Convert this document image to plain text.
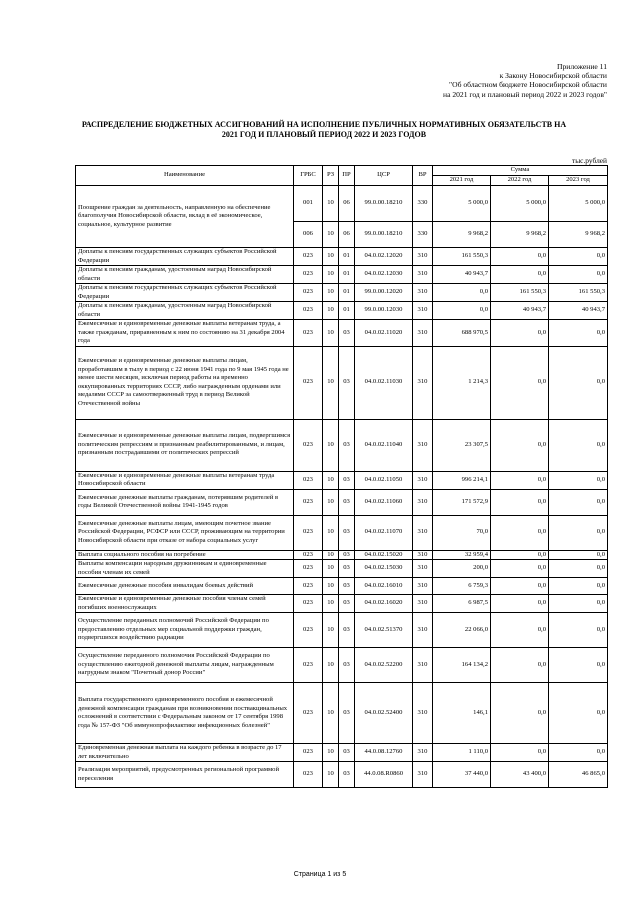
Приложение 11
к Закону Новосибирской области
"Об областном бюджете Новосибирской области
на 2021 год и плановый период 2022 и 2023 годов"
РАСПРЕДЕЛЕНИЕ БЮДЖЕТНЫХ АССИГНОВАНИЙ НА ИСПОЛНЕНИЕ ПУБЛИЧНЫХ НОРМАТИВНЫХ ОБЯЗАТЕЛЬСТВ НА
2021 ГОД И ПЛАНОВЫЙ ПЕРИОД 2022 И 2023 ГОДОВ
тыс.рублей
Наименование	ГРБС	РЗ	ПР	ЦСР	ВР	Сумма		
						2021 год	2022 год	2023 год
Поощрение граждан за деятельность, направленную на обеспечение благополучия Новосибирской области, вклад в её экономическое, социальное, культурное развитие	001	10	06	99.0.00.18210	330	5 000,0	5 000,0	5 000,0
	006	10	06	99.0.00.18210	330	9 968,2	9 968,2	9 968,2
Доплаты к пенсиям государственных служащих субъектов Российской Федерации	023	10	01	04.0.02.12020	310	161 550,3	0,0	0,0
Доплаты к пенсиям гражданам, удостоенным наград Новосибирской области	023	10	01	04.0.02.12030	310	40 943,7	0,0	0,0
Доплаты к пенсиям государственных служащих субъектов Российской Федерации	023	10	01	99.0.00.12020	310	0,0	161 550,3	161 550,3
Доплаты к пенсиям гражданам, удостоенным наград Новосибирской области	023	10	01	99.0.00.12030	310	0,0	40 943,7	40 943,7
Ежемесячные и единовременные денежные выплаты ветеранам труда, а также гражданам, приравненным к ним по состоянию на 31 декабря 2004 года	023	10	03	04.0.02.11020	310	688 970,5	0,0	0,0
Ежемесячные и единовременные денежные выплаты лицам, проработавшим в тылу в период с 22 июня 1941 года по 9 мая 1945 года не менее шести месяцев, исключая период работы на временно оккупированных территориях СССР, либо награжденным орденами или медалями СССР за самоотверженный труд в период Великой Отечественной войны	023	10	03	04.0.02.11030	310	1 214,3	0,0	0,0
Ежемесячные и единовременные денежные выплаты лицам, подвергшимся политическим репрессиям и признанным реабилитированными, и лицам, признанным пострадавшими от политических репрессий	023	10	03	04.0.02.11040	310	23 307,5	0,0	0,0
Ежемесячные и единовременные денежные выплаты ветеранам труда Новосибирской области	023	10	03	04.0.02.11050	310	996 214,1	0,0	0,0
Ежемесячные денежные выплаты гражданам, потерявшим родителей в годы Великой Отечественной войны 1941-1945 годов	023	10	03	04.0.02.11060	310	171 572,9	0,0	0,0
Ежемесячные денежные выплаты лицам, имеющим почетное звание Российской Федерации, РСФСР или СССР, проживающим на территории Новосибирской области при отказе от набора социальных услуг	023	10	03	04.0.02.11070	310	70,0	0,0	0,0
Выплата социального пособия на погребение	023	10	03	04.0.02.15020	310	32 959,4	0,0	0,0
Выплаты компенсации народным дружинникам и единовременные пособия членам их семей	023	10	03	04.0.02.15030	310	200,0	0,0	0,0
Ежемесячные денежные пособия инвалидам боевых действий	023	10	03	04.0.02.16010	310	6 759,3	0,0	0,0
Ежемесячные и единовременные денежные пособия членам семей погибших военнослужащих	023	10	03	04.0.02.16020	310	6 987,5	0,0	0,0
Осуществление переданных полномочий Российской Федерации по предоставлению отдельных мер социальной поддержки граждан, подвергшихся воздействию радиации	023	10	03	04.0.02.51370	310	22 066,0	0,0	0,0
Осуществление переданного полномочия Российской Федерации по осуществлению ежегодной денежной выплаты лицам, награжденным нагрудным знаком "Почетный донор России"	023	10	03	04.0.02.52200	310	164 134,2	0,0	0,0
Выплата государственного единовременного пособия и ежемесячной денежной компенсации гражданам при возникновении поствакцинальных осложнений в соответствии с Федеральным законом от 17 сентября 1998 года № 157-ФЗ "Об иммунопрофилактике инфекционных болезней"	023	10	03	04.0.02.52400	310	146,1	0,0	0,0
Единовременная денежная выплата на каждого ребенка в возрасте до 17 лет включительно	023	10	03	44.0.08.12760	310	1 110,0	0,0	0,0
Реализация мероприятий, предусмотренных региональной программой переселения	023	10	03	44.0.08.R0860	310	37 440,0	43 400,0	46 865,0
Страница 1 из 5
